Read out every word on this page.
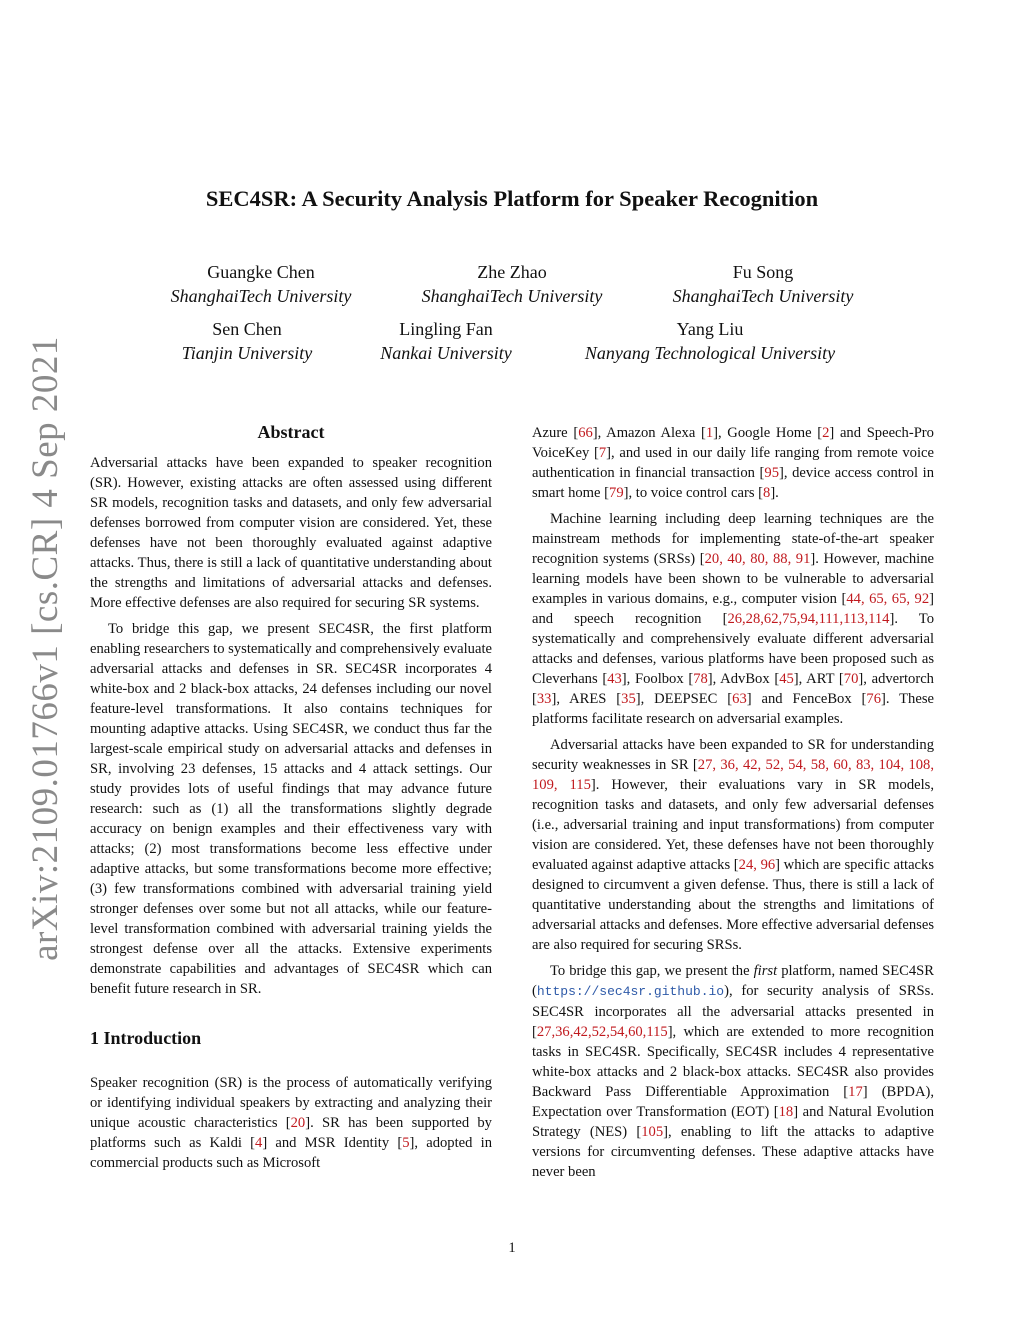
arXiv:2109.01766v1 [cs.CR] 4 Sep 2021
SEC4SR: A Security Analysis Platform for Speaker Recognition
Guangke Chen
ShanghaiTech University
Zhe Zhao
ShanghaiTech University
Fu Song
ShanghaiTech University
Sen Chen
Tianjin University
Lingling Fan
Nankai University
Yang Liu
Nanyang Technological University
Abstract

Adversarial attacks have been expanded to speaker recognition (SR). However, existing attacks are often assessed using different SR models, recognition tasks and datasets, and only few adversarial defenses borrowed from computer vision are considered. Yet, these defenses have not been thoroughly evaluated against adaptive attacks. Thus, there is still a lack of quantitative understanding about the strengths and limitations of adversarial attacks and defenses. More effective defenses are also required for securing SR systems.

To bridge this gap, we present SEC4SR, the first platform enabling researchers to systematically and comprehensively evaluate adversarial attacks and defenses in SR. SEC4SR incorporates 4 white-box and 2 black-box attacks, 24 defenses including our novel feature-level transformations. It also contains techniques for mounting adaptive attacks. Using SEC4SR, we conduct thus far the largest-scale empirical study on adversarial attacks and defenses in SR, involving 23 defenses, 15 attacks and 4 attack settings. Our study provides lots of useful findings that may advance future research: such as (1) all the transformations slightly degrade accuracy on benign examples and their effectiveness vary with attacks; (2) most transformations become less effective under adaptive attacks, but some transformations become more effective; (3) few transformations combined with adversarial training yield stronger defenses over some but not all attacks, while our feature-level transformation combined with adversarial training yields the strongest defense over all the attacks. Extensive experiments demonstrate capabilities and advantages of SEC4SR which can benefit future research in SR.

1 Introduction

Speaker recognition (SR) is the process of automatically verifying or identifying individual speakers by extracting and analyzing their unique acoustic characteristics [20]. SR has been supported by platforms such as Kaldi [4] and MSR Identity [5], adopted in commercial products such as Microsoft

Azure [66], Amazon Alexa [1], Google Home [2] and Speech-Pro VoiceKey [7], and used in our daily life ranging from remote voice authentication in financial transaction [95], device access control in smart home [79], to voice control cars [8].

Machine learning including deep learning techniques are the mainstream methods for implementing state-of-the-art speaker recognition systems (SRSs) [20, 40, 80, 88, 91]. However, machine learning models have been shown to be vulnerable to adversarial examples in various domains, e.g., computer vision [44, 65, 65, 92] and speech recognition [26,28,62,75,94,111,113,114]. To systematically and comprehensively evaluate different adversarial attacks and defenses, various platforms have been proposed such as Cleverhans [43], Foolbox [78], AdvBox [45], ART [70], advertorch [33], ARES [35], DEEPSEC [63] and FenceBox [76]. These platforms facilitate research on adversarial examples.

Adversarial attacks have been expanded to SR for understanding security weaknesses in SR [27, 36, 42, 52, 54, 58, 60, 83, 104, 108, 109, 115]. However, their evaluations vary in SR models, recognition tasks and datasets, and only few adversarial defenses (i.e., adversarial training and input transformations) from computer vision are considered. Yet, these defenses have not been thoroughly evaluated against adaptive attacks [24, 96] which are specific attacks designed to circumvent a given defense. Thus, there is still a lack of quantitative understanding about the strengths and limitations of adversarial attacks and defenses. More effective adversarial defenses are also required for securing SRSs.

To bridge this gap, we present the first platform, named SEC4SR (https://sec4sr.github.io), for security analysis of SRSs. SEC4SR incorporates all the adversarial attacks presented in [27,36,42,52,54,60,115], which are extended to more recognition tasks in SEC4SR. Specifically, SEC4SR includes 4 representative white-box attacks and 2 black-box attacks. SEC4SR also provides Backward Pass Differentiable Approximation [17] (BPDA), Expectation over Transformation (EOT) [18] and Natural Evolution Strategy (NES) [105], enabling to lift the attacks to adaptive versions for circumventing defenses. These adaptive attacks have never been

1
